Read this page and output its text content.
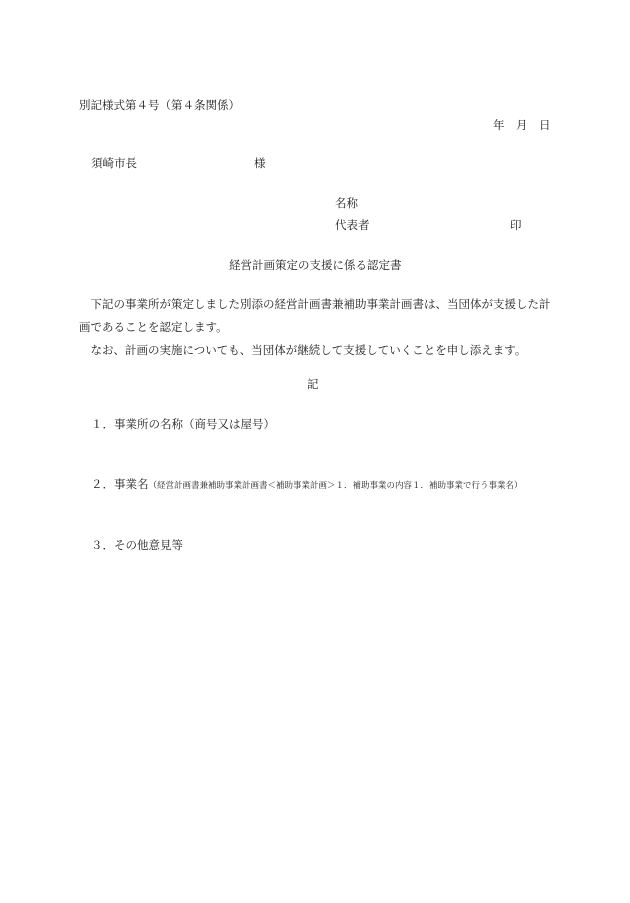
別記様式第４号（第４条関係）
年 月 日
須崎市長	様
名称
代表者	印
経営計画策定の支援に係る認定書
下記の事業所が策定しました別添の経営計画書兼補助事業計画書は、当団体が支援した計画であることを認定します。
なお、計画の実施についても、当団体が継続して支援していくことを申し添えます。
記
１．事業所の名称（商号又は屋号）
２．事業名（経営計画書兼補助事業計画書＜補助事業計画＞１．補助事業の内容１．補助事業で行う事業名）
３．その他意見等
